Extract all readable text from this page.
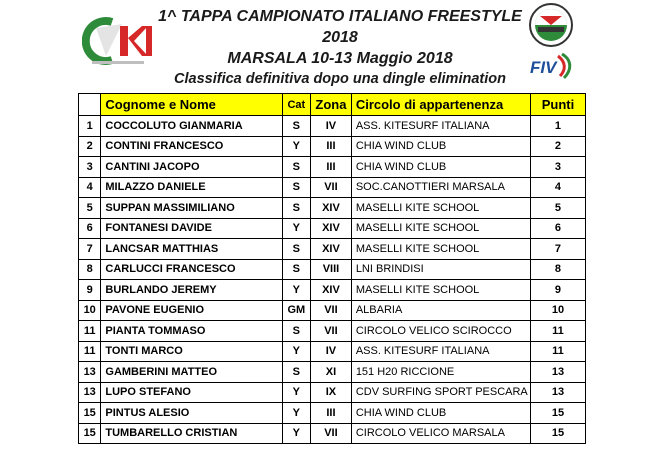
1^ TAPPA CAMPIONATO ITALIANO FREESTYLE 2018
MARSALA 10-13 Maggio 2018
Classifica definitiva dopo una dingle elimination
FIV
	Cognome e Nome	Cat	Zona	Circolo di appartenenza	Punti
1	COCCOLUTO GIANMARIA	S	IV	ASS. KITESURF ITALIANA	1
2	CONTINI FRANCESCO	Y	III	CHIA WIND CLUB	2
3	CANTINI JACOPO	S	III	CHIA WIND CLUB	3
4	MILAZZO DANIELE	S	VII	SOC.CANOTTIERI MARSALA	4
5	SUPPAN MASSIMILIANO	S	XIV	MASELLI KITE SCHOOL	5
6	FONTANESI DAVIDE	Y	XIV	MASELLI KITE SCHOOL	6
7	LANCSAR MATTHIAS	S	XIV	MASELLI KITE SCHOOL	7
8	CARLUCCI FRANCESCO	S	VIII	LNI BRINDISI	8
9	BURLANDO JEREMY	Y	XIV	MASELLI KITE SCHOOL	9
10	PAVONE EUGENIO	GM	VII	ALBARIA	10
11	PIANTA TOMMASO	S	VII	CIRCOLO VELICO SCIROCCO	11
11	TONTI MARCO	Y	IV	ASS. KITESURF ITALIANA	11
13	GAMBERINI MATTEO	S	XI	151 H20 RICCIONE	13
13	LUPO STEFANO	Y	IX	CDV SURFING SPORT PESCARA	13
15	PINTUS ALESIO	Y	III	CHIA WIND CLUB	15
15	TUMBARELLO CRISTIAN	Y	VII	CIRCOLO VELICO MARSALA	15
